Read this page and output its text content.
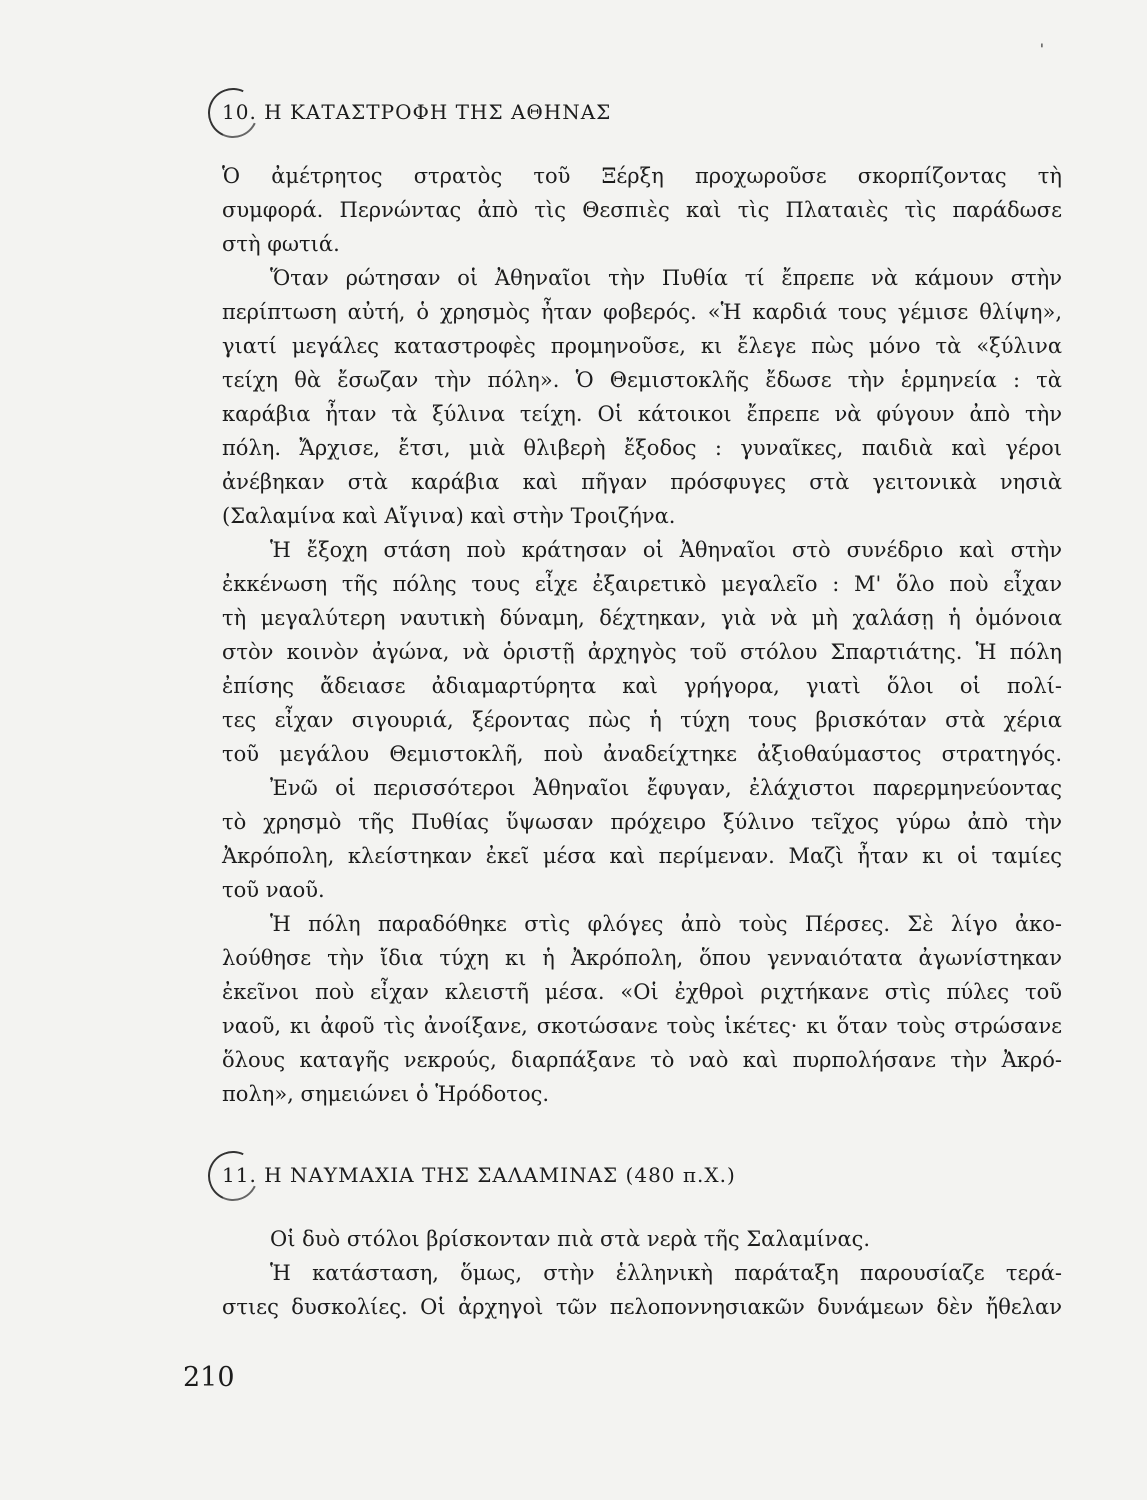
'
10. Η ΚΑΤΑΣΤΡΟΦΗ ΤΗΣ ΑΘΗΝΑΣ
Ὁ ἀμέτρητος στρατὸς τοῦ Ξέρξη προχωροῦσε σκορπίζοντας τὴ
συμφορά. Περνώντας ἀπὸ τὶς Θεσπιὲς καὶ τὶς Πλαταιὲς τὶς παράδωσε
στὴ φωτιά.
Ὅταν ρώτησαν οἱ Ἀθηναῖοι τὴν Πυθία τί ἔπρεπε νὰ κάμουν στὴν
περίπτωση αὐτή, ὁ χρησμὸς ἦταν φοβερός. «Ἡ καρδιά τους γέμισε θλίψη»,
γιατί μεγάλες καταστροφὲς προμηνοῦσε, κι ἔλεγε πὼς μόνο τὰ «ξύλινα
τείχη θὰ ἔσωζαν τὴν πόλη». Ὁ Θεμιστοκλῆς ἔδωσε τὴν ἑρμηνεία : τὰ
καράβια ἦταν τὰ ξύλινα τείχη. Οἱ κάτοικοι ἔπρεπε νὰ φύγουν ἀπὸ τὴν
πόλη. Ἄρχισε, ἔτσι, μιὰ θλιβερὴ ἔξοδος : γυναῖκες, παιδιὰ καὶ γέροι
ἀνέβηκαν στὰ καράβια καὶ πῆγαν πρόσφυγες στὰ γειτονικὰ νησιὰ
(Σαλαμίνα καὶ Αἴγινα) καὶ στὴν Τροιζήνα.
Ἡ ἔξοχη στάση ποὺ κράτησαν οἱ Ἀθηναῖοι στὸ συνέδριο καὶ στὴν
ἐκκένωση τῆς πόλης τους εἶχε ἐξαιρετικὸ μεγαλεῖο : Μ' ὅλο ποὺ εἶχαν
τὴ μεγαλύτερη ναυτικὴ δύναμη, δέχτηκαν, γιὰ νὰ μὴ χαλάσῃ ἡ ὁμόνοια
στὸν κοινὸν ἀγώνα, νὰ ὁριστῇ ἀρχηγὸς τοῦ στόλου Σπαρτιάτης. Ἡ πόλη
ἐπίσης ἄδειασε ἀδιαμαρτύρητα καὶ γρήγορα, γιατὶ ὅλοι οἱ πολί-
τες εἶχαν σιγουριά, ξέροντας πὼς ἡ τύχη τους βρισκόταν στὰ χέρια
τοῦ μεγάλου Θεμιστοκλῆ, ποὺ ἀναδείχτηκε ἀξιοθαύμαστος στρατηγός.
Ἐνῶ οἱ περισσότεροι Ἀθηναῖοι ἔφυγαν, ἐλάχιστοι παρερμηνεύοντας
τὸ χρησμὸ τῆς Πυθίας ὕψωσαν πρόχειρο ξύλινο τεῖχος γύρω ἀπὸ τὴν
Ἀκρόπολη, κλείστηκαν ἐκεῖ μέσα καὶ περίμεναν. Μαζὶ ἦταν κι οἱ ταμίες
τοῦ ναοῦ.
Ἡ πόλη παραδόθηκε στὶς φλόγες ἀπὸ τοὺς Πέρσες. Σὲ λίγο ἀκο-
λούθησε τὴν ἴδια τύχη κι ἡ Ἀκρόπολη, ὅπου γενναιότατα ἀγωνίστηκαν
ἐκεῖνοι ποὺ εἶχαν κλειστῆ μέσα. «Οἱ ἐχθροὶ ριχτήκανε στὶς πύλες τοῦ
ναοῦ, κι ἀφοῦ τὶς ἀνοίξανε, σκοτώσανε τοὺς ἱκέτες· κι ὅταν τοὺς στρώσανε
ὅλους καταγῆς νεκρούς, διαρπάξανε τὸ ναὸ καὶ πυρπολήσανε τὴν Ἀκρό-
πολη», σημειώνει ὁ Ἡρόδοτος.
11. Η ΝΑΥΜΑΧΙΑ ΤΗΣ ΣΑΛΑΜΙΝΑΣ (480 π.Χ.)
Οἱ δυὸ στόλοι βρίσκονταν πιὰ στὰ νερὰ τῆς Σαλαμίνας.
Ἡ κατάσταση, ὅμως, στὴν ἑλληνικὴ παράταξη παρουσίαζε τερά-
στιες δυσκολίες. Οἱ ἀρχηγοὶ τῶν πελοποννησιακῶν δυνάμεων δὲν ἤθελαν
210
